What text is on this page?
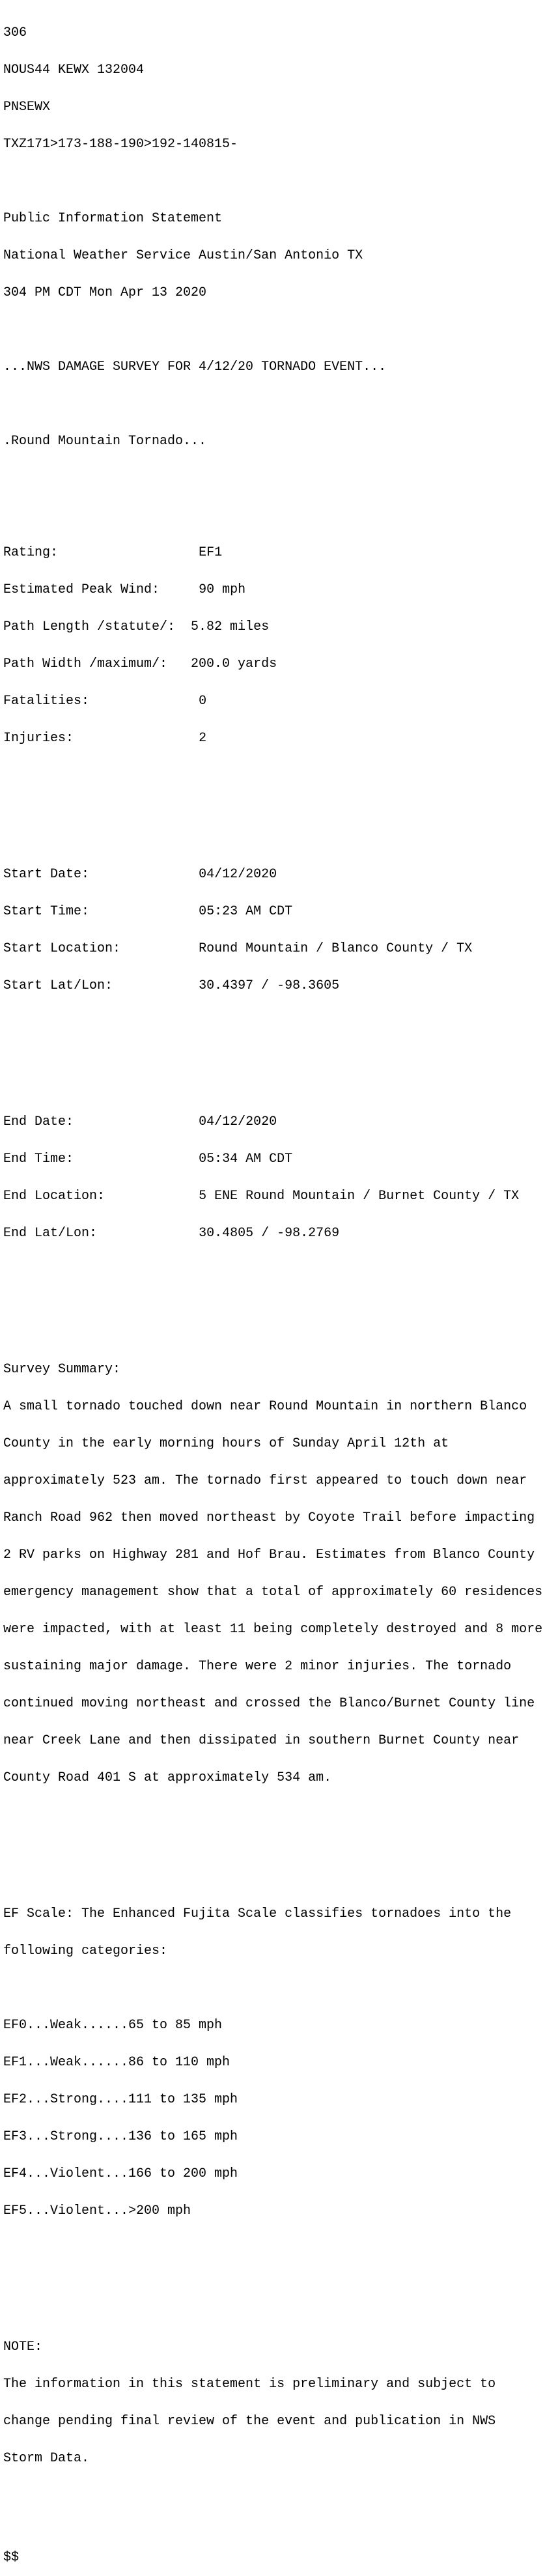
306

NOUS44 KEWX 132004

PNSEWX

TXZ171>173-188-190>192-140815-

Public Information Statement

National Weather Service Austin/San Antonio TX

304 PM CDT Mon Apr 13 2020

...NWS DAMAGE SURVEY FOR 4/12/20 TORNADO EVENT...

.Round Mountain Tornado...

Rating:                  EF1

Estimated Peak Wind:     90 mph

Path Length /statute/:  5.82 miles

Path Width /maximum/:   200.0 yards

Fatalities:              0

Injuries:                2

Start Date:              04/12/2020

Start Time:              05:23 AM CDT

Start Location:          Round Mountain / Blanco County / TX

Start Lat/Lon:           30.4397 / -98.3605

End Date:                04/12/2020

End Time:                05:34 AM CDT

End Location:            5 ENE Round Mountain / Burnet County / TX

End Lat/Lon:             30.4805 / -98.2769

Survey Summary:

A small tornado touched down near Round Mountain in northern Blanco

County in the early morning hours of Sunday April 12th at

approximately 523 am. The tornado first appeared to touch down near

Ranch Road 962 then moved northeast by Coyote Trail before impacting

2 RV parks on Highway 281 and Hof Brau. Estimates from Blanco County

emergency management show that a total of approximately 60 residences

were impacted, with at least 11 being completely destroyed and 8 more

sustaining major damage. There were 2 minor injuries. The tornado

continued moving northeast and crossed the Blanco/Burnet County line

near Creek Lane and then dissipated in southern Burnet County near

County Road 401 S at approximately 534 am.

EF Scale: The Enhanced Fujita Scale classifies tornadoes into the

following categories:

EF0...Weak......65 to 85 mph

EF1...Weak......86 to 110 mph

EF2...Strong....111 to 135 mph

EF3...Strong....136 to 165 mph

EF4...Violent...166 to 200 mph

EF5...Violent...>200 mph

NOTE:

The information in this statement is preliminary and subject to

change pending final review of the event and publication in NWS

Storm Data.

$$
